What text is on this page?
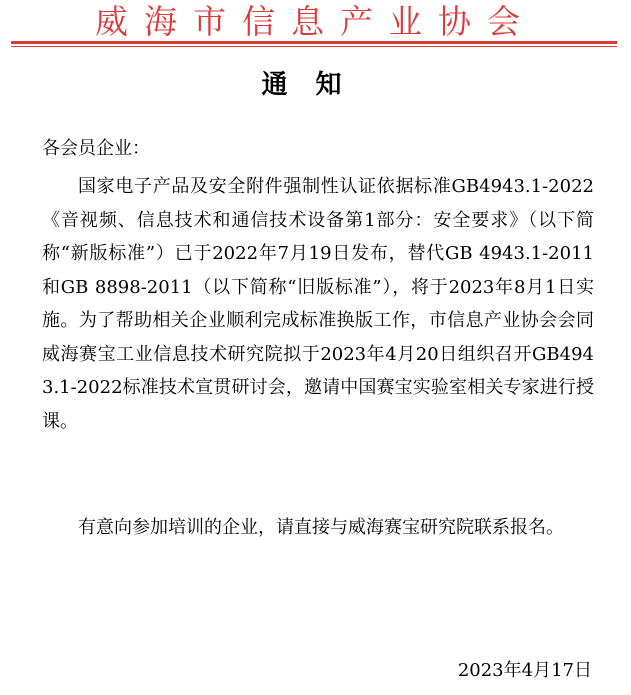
威海市信息产业协会
通知
各会员企业：

国家电子产品及安全附件强制性认证依据标准GB4943.1-2022《音视频、信息技术和通信技术设备第1部分：安全要求》（以下简称“新版标准”）已于2022年7月19日发布，替代GB 4943.1-2011和GB 8898-2011（以下简称“旧版标准”），将于2023年8月1日实施。为了帮助相关企业顺利完成标准换版工作，市信息产业协会会同威海赛宝工业信息技术研究院拟于2023年4月20日组织召开GB4943.1-2022标准技术宣贯研讨会，邀请中国赛宝实验室相关专家进行授课。

有意向参加培训的企业，请直接与威海赛宝研究院联系报名。

2023年4月17日
